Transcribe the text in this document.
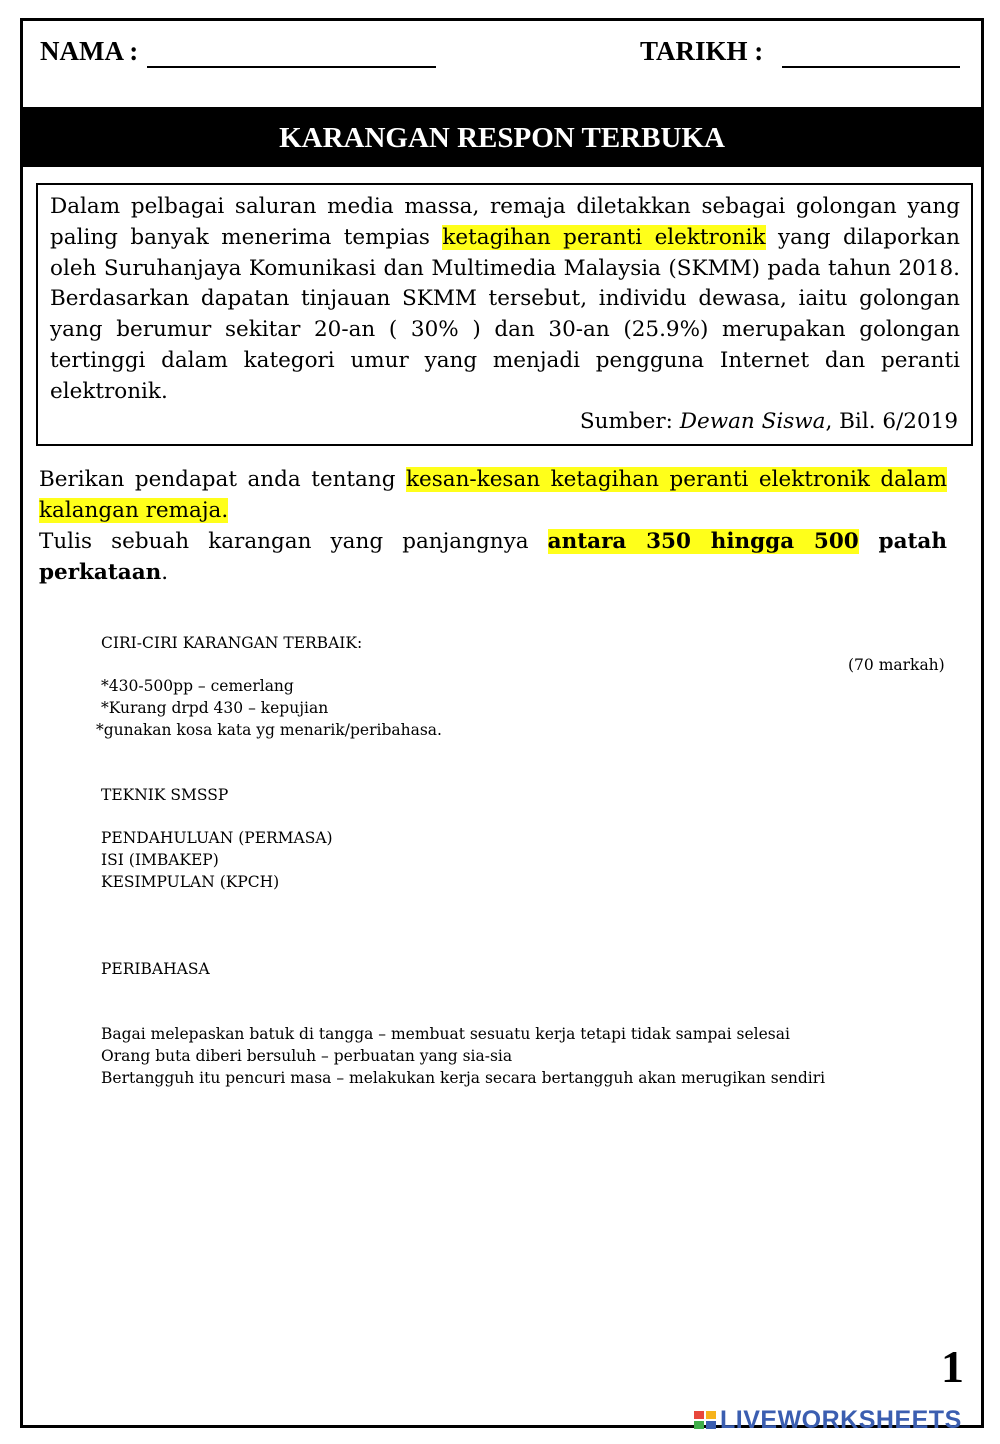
NAMA :	TARIKH :
KARANGAN RESPON TERBUKA
Dalam pelbagai saluran media massa, remaja diletakkan sebagai golongan yang paling banyak menerima tempias ketagihan peranti elektronik yang dilaporkan oleh Suruhanjaya Komunikasi dan Multimedia Malaysia (SKMM) pada tahun 2018. Berdasarkan dapatan tinjauan SKMM tersebut, individu dewasa, iaitu golongan yang berumur sekitar 20-an ( 30% ) dan 30-an (25.9%) merupakan golongan tertinggi dalam kategori umur yang menjadi pengguna Internet dan peranti elektronik.
Sumber: Dewan Siswa, Bil. 6/2019
Berikan pendapat anda tentang kesan-kesan ketagihan peranti elektronik dalam kalangan remaja.
Tulis sebuah karangan yang panjangnya antara 350 hingga 500 patah perkataan.
CIRI-CIRI KARANGAN TERBAIK:
(70 markah)
*430-500pp – cemerlang
*Kurang drpd 430 – kepujian
*gunakan kosa kata yg menarik/peribahasa.
TEKNIK SMSSP
PENDAHULUAN (PERMASA)
ISI (IMBAKEP)
KESIMPULAN (KPCH)
PERIBAHASA
Bagai melepaskan batuk di tangga – membuat sesuatu kerja tetapi tidak sampai selesai
Orang buta diberi bersuluh – perbuatan yang sia-sia
Bertangguh itu pencuri masa – melakukan kerja secara bertangguh akan merugikan sendiri
1
LIVEWORKSHEETS
